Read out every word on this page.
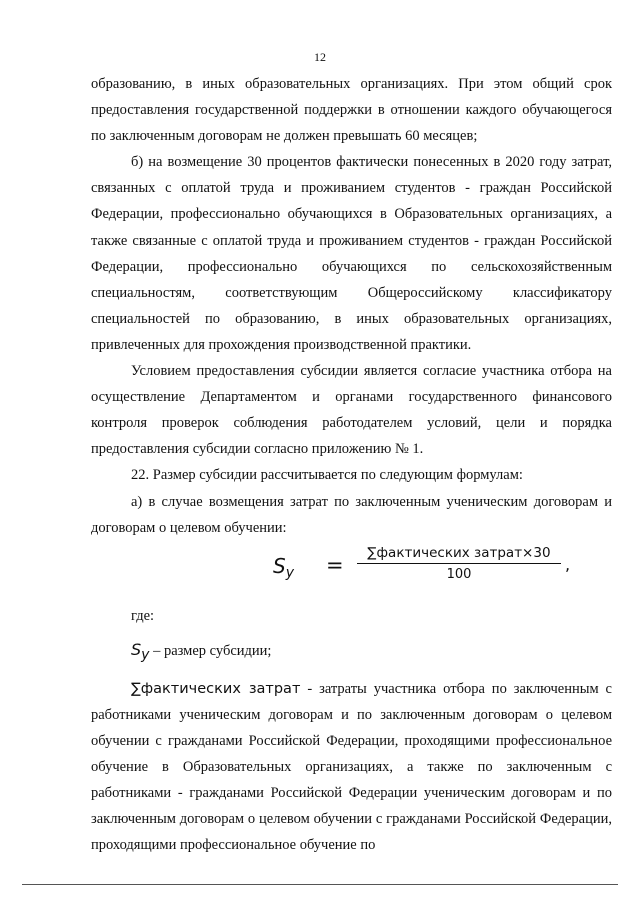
12

образованию, в иных образовательных организациях. При этом общий срок предоставления государственной поддержки в отношении каждого обучающегося по заключенным договорам не должен превышать 60 месяцев;

б) на возмещение 30 процентов фактически понесенных в 2020 году затрат, связанных с оплатой труда и проживанием студентов - граждан Российской Федерации, профессионально обучающихся в Образовательных организациях, а также связанные с оплатой труда и проживанием студентов - граждан Российской Федерации, профессионально обучающихся по сельскохозяйственным специальностям, соответствующим Общероссийскому классификатору специальностей по образованию, в иных образовательных организациях, привлеченных для прохождения производственной практики.

Условием предоставления субсидии является согласие участника отбора на осуществление Департаментом и органами государственного финансового контроля проверок соблюдения работодателем условий, цели и порядка предоставления субсидии согласно приложению № 1.

22. Размер субсидии рассчитывается по следующим формулам:

а) в случае возмещения затрат по заключенным ученическим договорам и договорам о целевом обучении:

$S_y$ =	∑фактических затрат×30
100
,

где:

$S_y$ – размер субсидии;

∑фактических затрат - затраты участника отбора по заключенным с работниками ученическим договорам и по заключенным договорам о целевом обучении с гражданами Российской Федерации, проходящими профессиональное обучение в Образовательных организациях, а также по заключенным с работниками - гражданами Российской Федерации ученическим договорам и по заключенным договорам о целевом обучении с гражданами Российской Федерации, проходящими профессиональное обучение по
